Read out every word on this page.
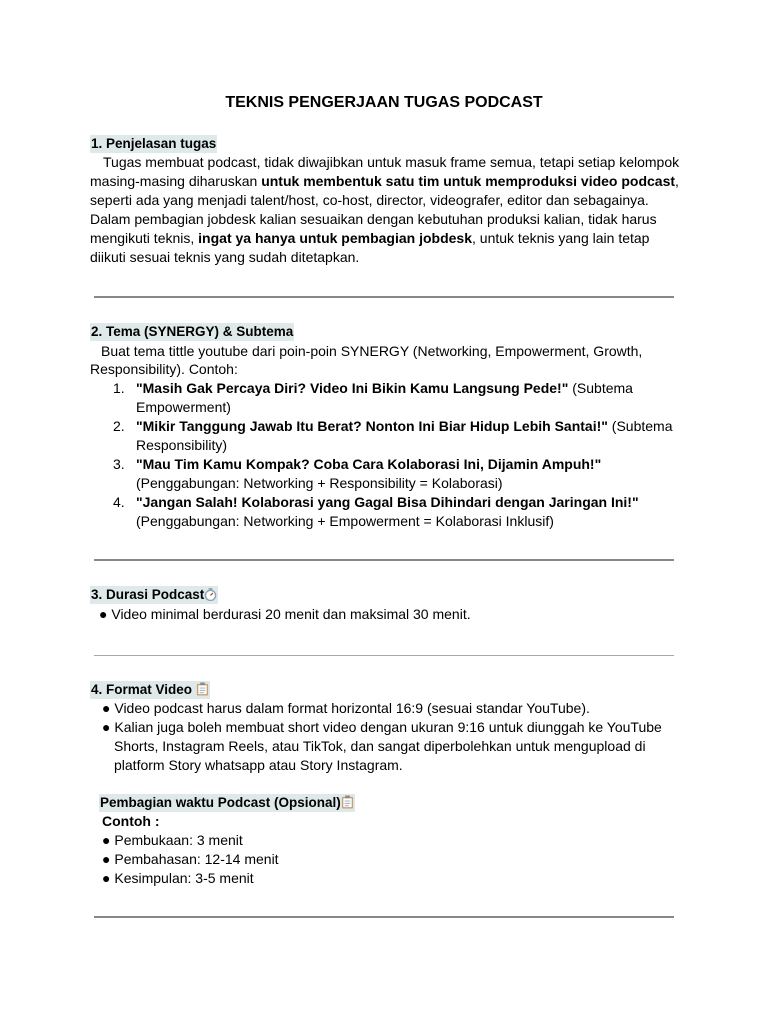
TEKNIS PENGERJAAN TUGAS PODCAST
1. Penjelasan tugas
Tugas membuat podcast, tidak diwajibkan untuk masuk frame semua, tetapi setiap kelompok
masing-masing diharuskan untuk membentuk satu tim untuk memproduksi video podcast,
seperti ada yang menjadi talent/host, co-host, director, videografer, editor dan sebagainya.
Dalam pembagian jobdesk kalian sesuaikan dengan kebutuhan produksi kalian, tidak harus
mengikuti teknis, ingat ya hanya untuk pembagian jobdesk, untuk teknis yang lain tetap
diikuti sesuai teknis yang sudah ditetapkan.
2. Tema (SYNERGY) & Subtema
Buat tema tittle youtube dari poin-poin SYNERGY (Networking, Empowerment, Growth,
Responsibility). Contoh:
1. "Masih Gak Percaya Diri? Video Ini Bikin Kamu Langsung Pede!" (Subtema
Empowerment)
2. "Mikir Tanggung Jawab Itu Berat? Nonton Ini Biar Hidup Lebih Santai!" (Subtema
Responsibility)
3. "Mau Tim Kamu Kompak? Coba Cara Kolaborasi Ini, Dijamin Ampuh!"
(Penggabungan: Networking + Responsibility = Kolaborasi)
4. "Jangan Salah! Kolaborasi yang Gagal Bisa Dihindari dengan Jaringan Ini!"
(Penggabungan: Networking + Empowerment = Kolaborasi Inklusif)
3. Durasi Podcast
● Video minimal berdurasi 20 menit dan maksimal 30 menit.
4. Format Video
● Video podcast harus dalam format horizontal 16:9 (sesuai standar YouTube).
● Kalian juga boleh membuat short video dengan ukuran 9:16 untuk diunggah ke YouTube
Shorts, Instagram Reels, atau TikTok, dan sangat diperbolehkan untuk mengupload di
platform Story whatsapp atau Story Instagram.
Pembagian waktu Podcast (Opsional)
Contoh :
● Pembukaan: 3 menit
● Pembahasan: 12-14 menit
● Kesimpulan: 3-5 menit
